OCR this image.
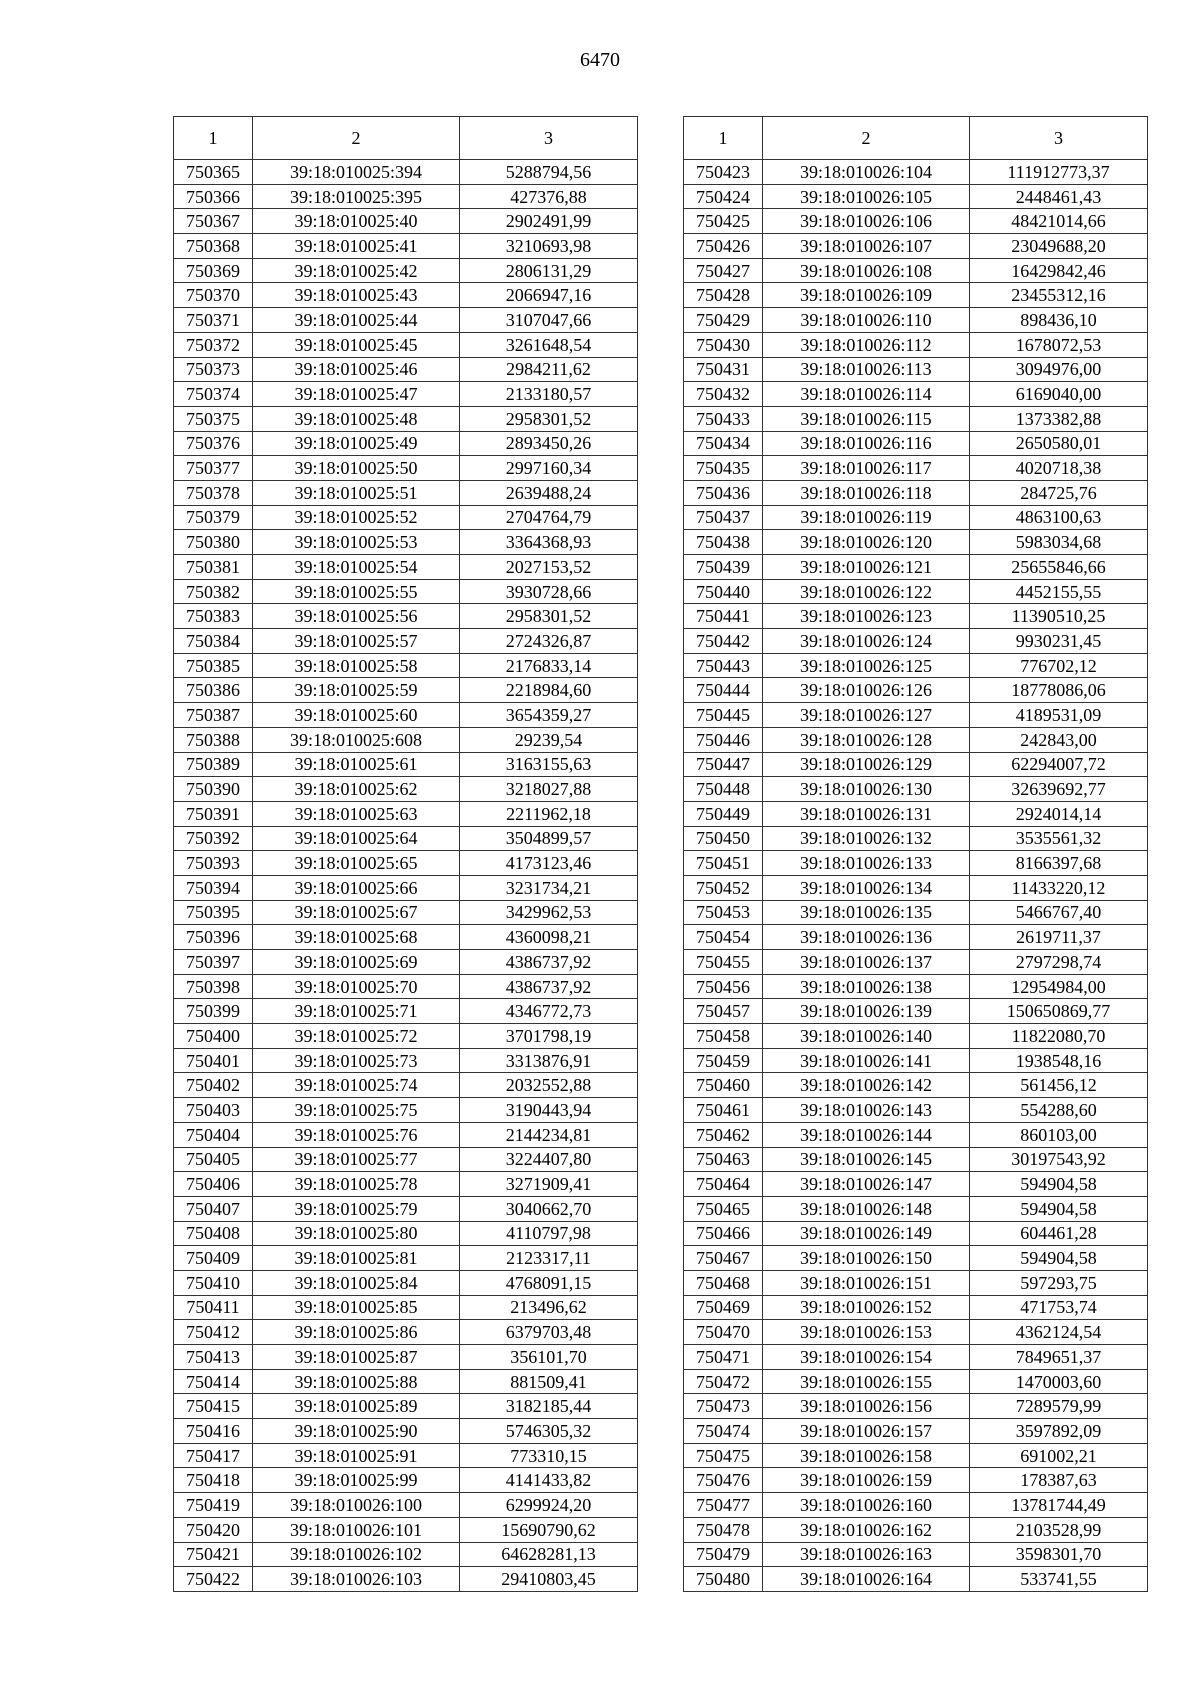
6470
1	2	3
750365	39:18:010025:394	5288794,56
750366	39:18:010025:395	427376,88
750367	39:18:010025:40	2902491,99
750368	39:18:010025:41	3210693,98
750369	39:18:010025:42	2806131,29
750370	39:18:010025:43	2066947,16
750371	39:18:010025:44	3107047,66
750372	39:18:010025:45	3261648,54
750373	39:18:010025:46	2984211,62
750374	39:18:010025:47	2133180,57
750375	39:18:010025:48	2958301,52
750376	39:18:010025:49	2893450,26
750377	39:18:010025:50	2997160,34
750378	39:18:010025:51	2639488,24
750379	39:18:010025:52	2704764,79
750380	39:18:010025:53	3364368,93
750381	39:18:010025:54	2027153,52
750382	39:18:010025:55	3930728,66
750383	39:18:010025:56	2958301,52
750384	39:18:010025:57	2724326,87
750385	39:18:010025:58	2176833,14
750386	39:18:010025:59	2218984,60
750387	39:18:010025:60	3654359,27
750388	39:18:010025:608	29239,54
750389	39:18:010025:61	3163155,63
750390	39:18:010025:62	3218027,88
750391	39:18:010025:63	2211962,18
750392	39:18:010025:64	3504899,57
750393	39:18:010025:65	4173123,46
750394	39:18:010025:66	3231734,21
750395	39:18:010025:67	3429962,53
750396	39:18:010025:68	4360098,21
750397	39:18:010025:69	4386737,92
750398	39:18:010025:70	4386737,92
750399	39:18:010025:71	4346772,73
750400	39:18:010025:72	3701798,19
750401	39:18:010025:73	3313876,91
750402	39:18:010025:74	2032552,88
750403	39:18:010025:75	3190443,94
750404	39:18:010025:76	2144234,81
750405	39:18:010025:77	3224407,80
750406	39:18:010025:78	3271909,41
750407	39:18:010025:79	3040662,70
750408	39:18:010025:80	4110797,98
750409	39:18:010025:81	2123317,11
750410	39:18:010025:84	4768091,15
750411	39:18:010025:85	213496,62
750412	39:18:010025:86	6379703,48
750413	39:18:010025:87	356101,70
750414	39:18:010025:88	881509,41
750415	39:18:010025:89	3182185,44
750416	39:18:010025:90	5746305,32
750417	39:18:010025:91	773310,15
750418	39:18:010025:99	4141433,82
750419	39:18:010026:100	6299924,20
750420	39:18:010026:101	15690790,62
750421	39:18:010026:102	64628281,13
750422	39:18:010026:103	29410803,45
1	2	3
750423	39:18:010026:104	111912773,37
750424	39:18:010026:105	2448461,43
750425	39:18:010026:106	48421014,66
750426	39:18:010026:107	23049688,20
750427	39:18:010026:108	16429842,46
750428	39:18:010026:109	23455312,16
750429	39:18:010026:110	898436,10
750430	39:18:010026:112	1678072,53
750431	39:18:010026:113	3094976,00
750432	39:18:010026:114	6169040,00
750433	39:18:010026:115	1373382,88
750434	39:18:010026:116	2650580,01
750435	39:18:010026:117	4020718,38
750436	39:18:010026:118	284725,76
750437	39:18:010026:119	4863100,63
750438	39:18:010026:120	5983034,68
750439	39:18:010026:121	25655846,66
750440	39:18:010026:122	4452155,55
750441	39:18:010026:123	11390510,25
750442	39:18:010026:124	9930231,45
750443	39:18:010026:125	776702,12
750444	39:18:010026:126	18778086,06
750445	39:18:010026:127	4189531,09
750446	39:18:010026:128	242843,00
750447	39:18:010026:129	62294007,72
750448	39:18:010026:130	32639692,77
750449	39:18:010026:131	2924014,14
750450	39:18:010026:132	3535561,32
750451	39:18:010026:133	8166397,68
750452	39:18:010026:134	11433220,12
750453	39:18:010026:135	5466767,40
750454	39:18:010026:136	2619711,37
750455	39:18:010026:137	2797298,74
750456	39:18:010026:138	12954984,00
750457	39:18:010026:139	150650869,77
750458	39:18:010026:140	11822080,70
750459	39:18:010026:141	1938548,16
750460	39:18:010026:142	561456,12
750461	39:18:010026:143	554288,60
750462	39:18:010026:144	860103,00
750463	39:18:010026:145	30197543,92
750464	39:18:010026:147	594904,58
750465	39:18:010026:148	594904,58
750466	39:18:010026:149	604461,28
750467	39:18:010026:150	594904,58
750468	39:18:010026:151	597293,75
750469	39:18:010026:152	471753,74
750470	39:18:010026:153	4362124,54
750471	39:18:010026:154	7849651,37
750472	39:18:010026:155	1470003,60
750473	39:18:010026:156	7289579,99
750474	39:18:010026:157	3597892,09
750475	39:18:010026:158	691002,21
750476	39:18:010026:159	178387,63
750477	39:18:010026:160	13781744,49
750478	39:18:010026:162	2103528,99
750479	39:18:010026:163	3598301,70
750480	39:18:010026:164	533741,55
